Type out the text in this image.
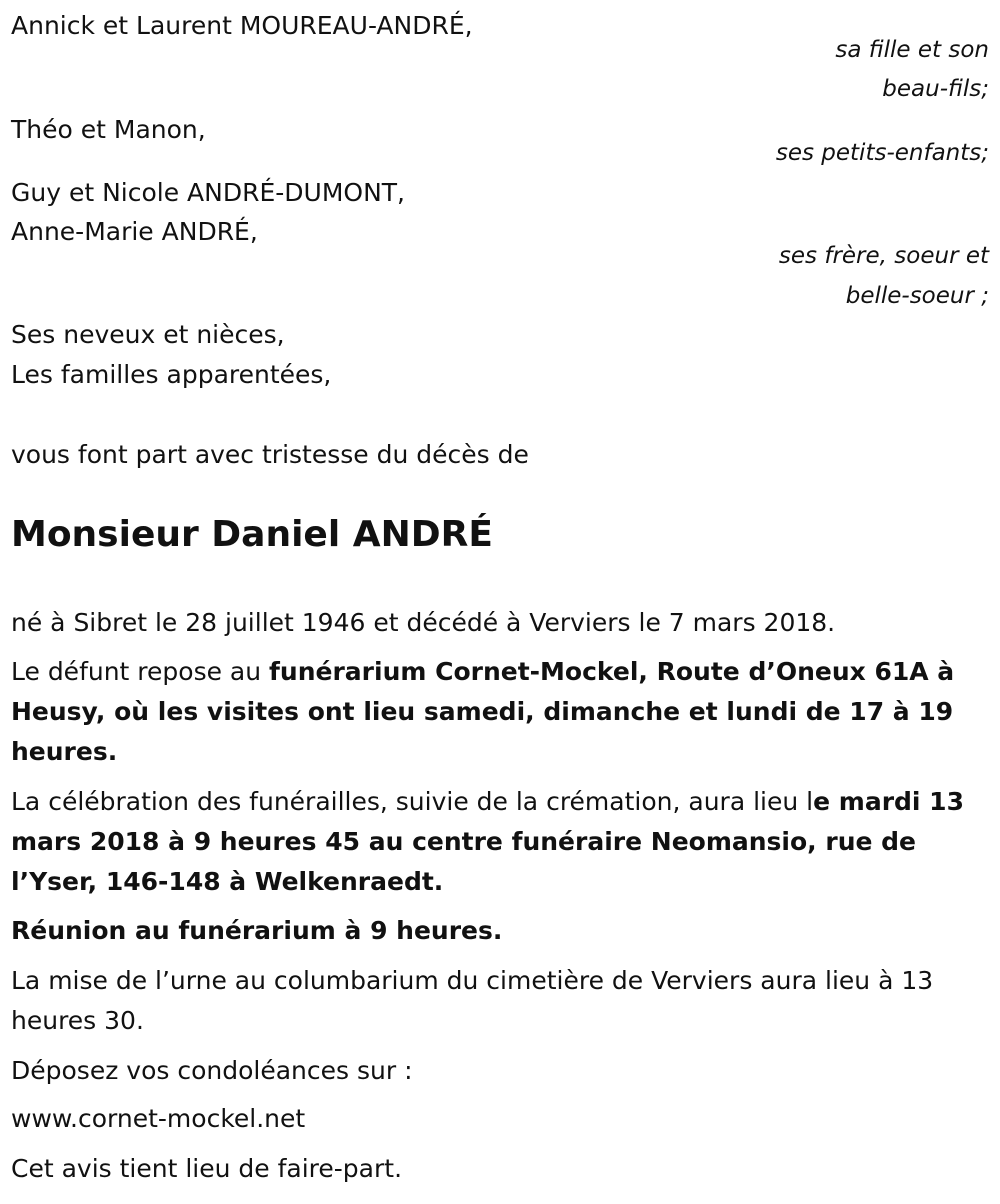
Annick et Laurent MOUREAU-ANDRÉ,
sa fille et son
beau-fils;
Théo et Manon,
ses petits-enfants;
Guy et Nicole ANDRÉ-DUMONT,
Anne-Marie ANDRÉ,
ses frère, soeur et
belle-soeur ;
Ses neveux et nièces,
Les familles apparentées,
vous font part avec tristesse du décès de
Monsieur Daniel ANDRÉ
né à Sibret le 28 juillet 1946 et décédé à Verviers le 7 mars 2018.
Le défunt repose au funérarium Cornet-Mockel, Route d’Oneux 61A à Heusy, où les visites ont lieu samedi, dimanche et lundi de 17 à 19 heures.
La célébration des funérailles, suivie de la crémation, aura lieu le mardi 13 mars 2018 à 9 heures 45 au centre funéraire Neomansio, rue de l’Yser, 146-148 à Welkenraedt.
Réunion au funérarium à 9 heures.
La mise de l’urne au columbarium du cimetière de Verviers aura lieu à 13 heures 30.
Déposez vos condoléances sur :
www.cornet-mockel.net
Cet avis tient lieu de faire-part.
